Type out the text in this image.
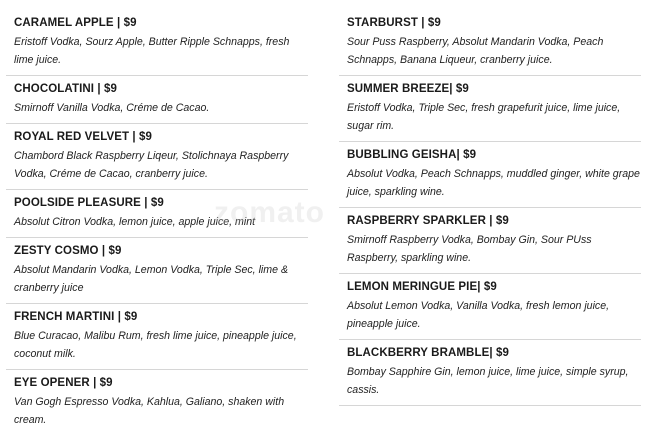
CARAMEL APPLE | $9
Eristoff Vodka, Sourz Apple, Butter Ripple Schnapps, fresh lime juice.
CHOCOLATINI | $9
Smirnoff Vanilla Vodka, Créme de Cacao.
ROYAL RED VELVET | $9
Chambord Black Raspberry Liqeur, Stolichnaya Raspberry Vodka, Créme de Cacao, cranberry juice.
POOLSIDE PLEASURE | $9
Absolut Citron Vodka, lemon juice, apple juice, mint
ZESTY COSMO | $9
Absolut Mandarin Vodka, Lemon Vodka, Triple Sec, lime & cranberry juice
FRENCH MARTINI | $9
Blue Curacao, Malibu Rum, fresh lime juice, pineapple juice, coconut milk.
EYE OPENER | $9
Van Gogh Espresso Vodka, Kahlua, Galiano, shaken with cream.
STARBURST | $9
Sour Puss Raspberry, Absolut Mandarin Vodka, Peach Schnapps, Banana Liqueur, cranberry juice.
SUMMER BREEZE| $9
Eristoff Vodka, Triple Sec, fresh grapefurit juice, lime juice, sugar rim.
BUBBLING GEISHA| $9
Absolut Vodka, Peach Schnapps, muddled ginger, white grape juice, sparkling wine.
RASPBERRY SPARKLER | $9
Smirnoff Raspberry Vodka, Bombay Gin, Sour PUss Raspberry, sparkling wine.
LEMON MERINGUE PIE| $9
Absolut Lemon Vodka, Vanilla Vodka, fresh lemon juice, pineapple juice.
BLACKBERRY BRAMBLE| $9
Bombay Sapphire Gin, lemon juice, lime juice, simple syrup, cassis.
zomato
